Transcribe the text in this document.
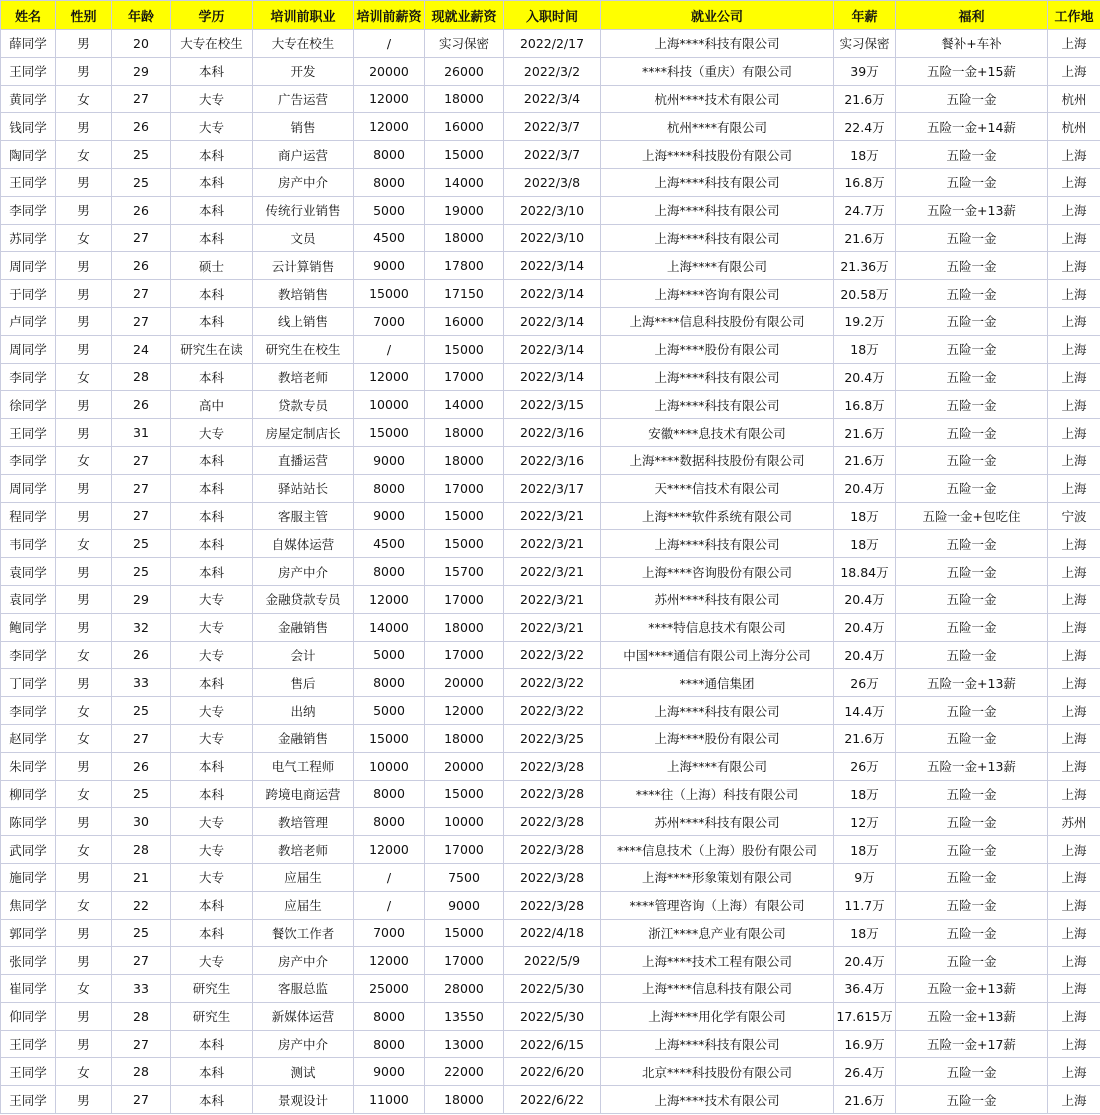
姓名	性别	年龄	学历	培训前职业	培训前薪资	现就业薪资	入职时间	就业公司	年薪	福利	工作地
薛同学	男	20	大专在校生	大专在校生	/	实习保密	2022/2/17	上海****科技有限公司	实习保密	餐补+车补	上海
王同学	男	29	本科	开发	20000	26000	2022/3/2	****科技（重庆）有限公司	39万	五险一金+15薪	上海
黄同学	女	27	大专	广告运营	12000	18000	2022/3/4	杭州****技术有限公司	21.6万	五险一金	杭州
钱同学	男	26	大专	销售	12000	16000	2022/3/7	杭州****有限公司	22.4万	五险一金+14薪	杭州
陶同学	女	25	本科	商户运营	8000	15000	2022/3/7	上海****科技股份有限公司	18万	五险一金	上海
王同学	男	25	本科	房产中介	8000	14000	2022/3/8	上海****科技有限公司	16.8万	五险一金	上海
李同学	男	26	本科	传统行业销售	5000	19000	2022/3/10	上海****科技有限公司	24.7万	五险一金+13薪	上海
苏同学	女	27	本科	文员	4500	18000	2022/3/10	上海****科技有限公司	21.6万	五险一金	上海
周同学	男	26	硕士	云计算销售	9000	17800	2022/3/14	上海****有限公司	21.36万	五险一金	上海
于同学	男	27	本科	教培销售	15000	17150	2022/3/14	上海****咨询有限公司	20.58万	五险一金	上海
卢同学	男	27	本科	线上销售	7000	16000	2022/3/14	上海****信息科技股份有限公司	19.2万	五险一金	上海
周同学	男	24	研究生在读	研究生在校生	/	15000	2022/3/14	上海****股份有限公司	18万	五险一金	上海
李同学	女	28	本科	教培老师	12000	17000	2022/3/14	上海****科技有限公司	20.4万	五险一金	上海
徐同学	男	26	高中	贷款专员	10000	14000	2022/3/15	上海****科技有限公司	16.8万	五险一金	上海
王同学	男	31	大专	房屋定制店长	15000	18000	2022/3/16	安徽****息技术有限公司	21.6万	五险一金	上海
李同学	女	27	本科	直播运营	9000	18000	2022/3/16	上海****数据科技股份有限公司	21.6万	五险一金	上海
周同学	男	27	本科	驿站站长	8000	17000	2022/3/17	天****信技术有限公司	20.4万	五险一金	上海
程同学	男	27	本科	客服主管	9000	15000	2022/3/21	上海****软件系统有限公司	18万	五险一金+包吃住	宁波
韦同学	女	25	本科	自媒体运营	4500	15000	2022/3/21	上海****科技有限公司	18万	五险一金	上海
袁同学	男	25	本科	房产中介	8000	15700	2022/3/21	上海****咨询股份有限公司	18.84万	五险一金	上海
袁同学	男	29	大专	金融贷款专员	12000	17000	2022/3/21	苏州****科技有限公司	20.4万	五险一金	上海
鲍同学	男	32	大专	金融销售	14000	18000	2022/3/21	****特信息技术有限公司	20.4万	五险一金	上海
李同学	女	26	大专	会计	5000	17000	2022/3/22	中国****通信有限公司上海分公司	20.4万	五险一金	上海
丁同学	男	33	本科	售后	8000	20000	2022/3/22	****通信集团	26万	五险一金+13薪	上海
李同学	女	25	大专	出纳	5000	12000	2022/3/22	上海****科技有限公司	14.4万	五险一金	上海
赵同学	女	27	大专	金融销售	15000	18000	2022/3/25	上海****股份有限公司	21.6万	五险一金	上海
朱同学	男	26	本科	电气工程师	10000	20000	2022/3/28	上海****有限公司	26万	五险一金+13薪	上海
柳同学	女	25	本科	跨境电商运营	8000	15000	2022/3/28	****往（上海）科技有限公司	18万	五险一金	上海
陈同学	男	30	大专	教培管理	8000	10000	2022/3/28	苏州****科技有限公司	12万	五险一金	苏州
武同学	女	28	大专	教培老师	12000	17000	2022/3/28	****信息技术（上海）股份有限公司	18万	五险一金	上海
施同学	男	21	大专	应届生	/	7500	2022/3/28	上海****形象策划有限公司	9万	五险一金	上海
焦同学	女	22	本科	应届生	/	9000	2022/3/28	****管理咨询（上海）有限公司	11.7万	五险一金	上海
郭同学	男	25	本科	餐饮工作者	7000	15000	2022/4/18	浙江****息产业有限公司	18万	五险一金	上海
张同学	男	27	大专	房产中介	12000	17000	2022/5/9	上海****技术工程有限公司	20.4万	五险一金	上海
崔同学	女	33	研究生	客服总监	25000	28000	2022/5/30	上海****信息科技有限公司	36.4万	五险一金+13薪	上海
仰同学	男	28	研究生	新媒体运营	8000	13550	2022/5/30	上海****用化学有限公司	17.615万	五险一金+13薪	上海
王同学	男	27	本科	房产中介	8000	13000	2022/6/15	上海****科技有限公司	16.9万	五险一金+17薪	上海
王同学	女	28	本科	测试	9000	22000	2022/6/20	北京****科技股份有限公司	26.4万	五险一金	上海
王同学	男	27	本科	景观设计	11000	18000	2022/6/22	上海****技术有限公司	21.6万	五险一金	上海
